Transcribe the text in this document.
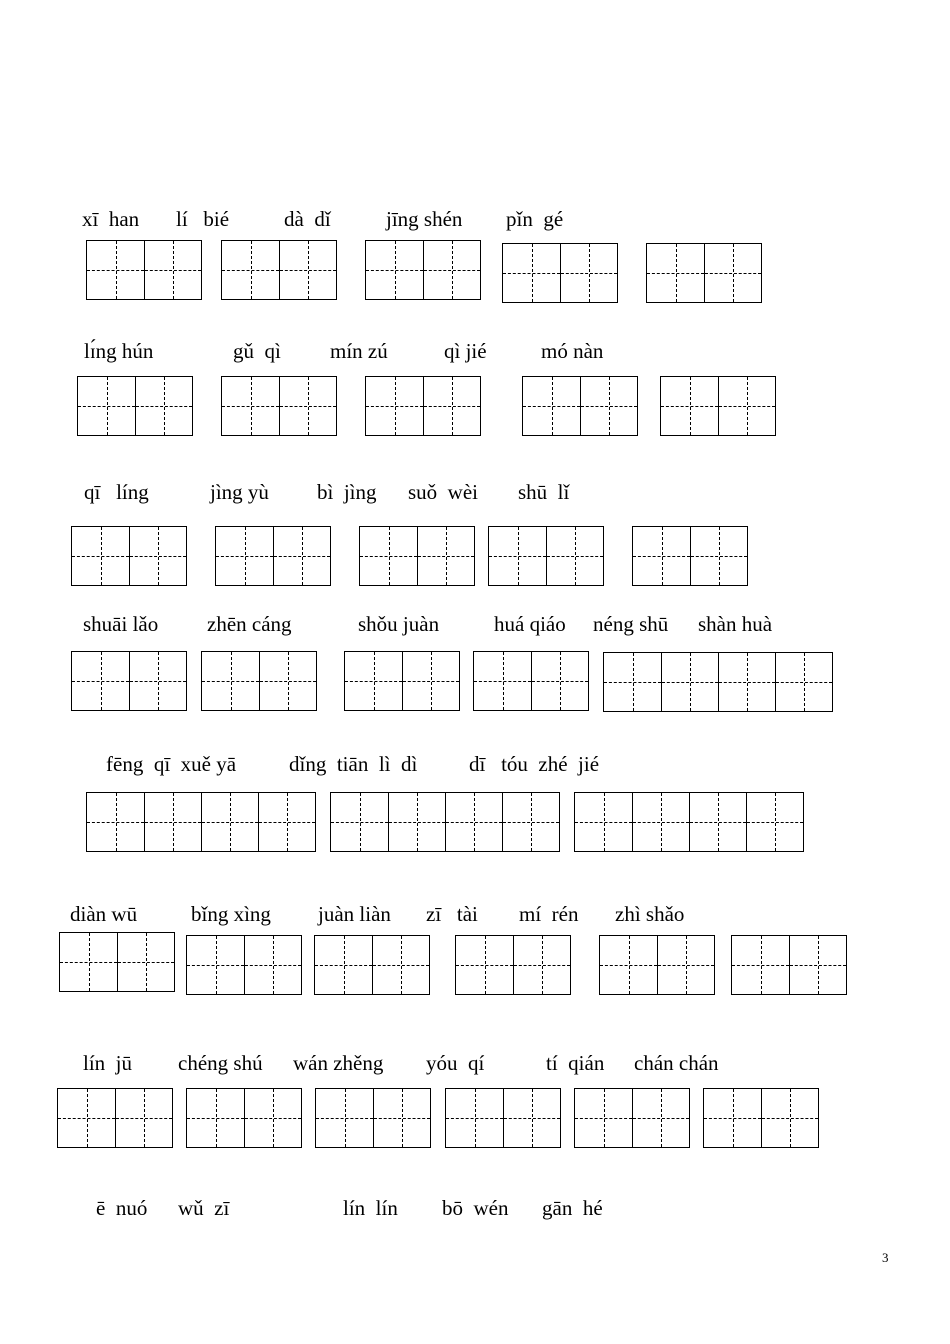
xī  han lí   bié	dà  dǐ	jīng shén pǐn  gé
lɪ́ng hún	gǔ  qì mín zú	qì jié	mó nàn
qī   líng	jìng yù bì  jìng suǒ  wèi shū  lǐ
shuāi lǎo zhēn cáng	shǒu juàn	huá qiáo néng shū shàn huà
fēng  qī  xuě yā	dǐng  tiān  lì  dì dī   tóu  zhé  jié
diàn wū	bǐng xìng juàn liàn zī   tài mí  rén zhì shǎo
lín  jū chéng shú wán zhěng yóu  qí	tí  qián chán chán
ē  nuó wǔ  zī	lín  lín bō  wén gān  hé
3
